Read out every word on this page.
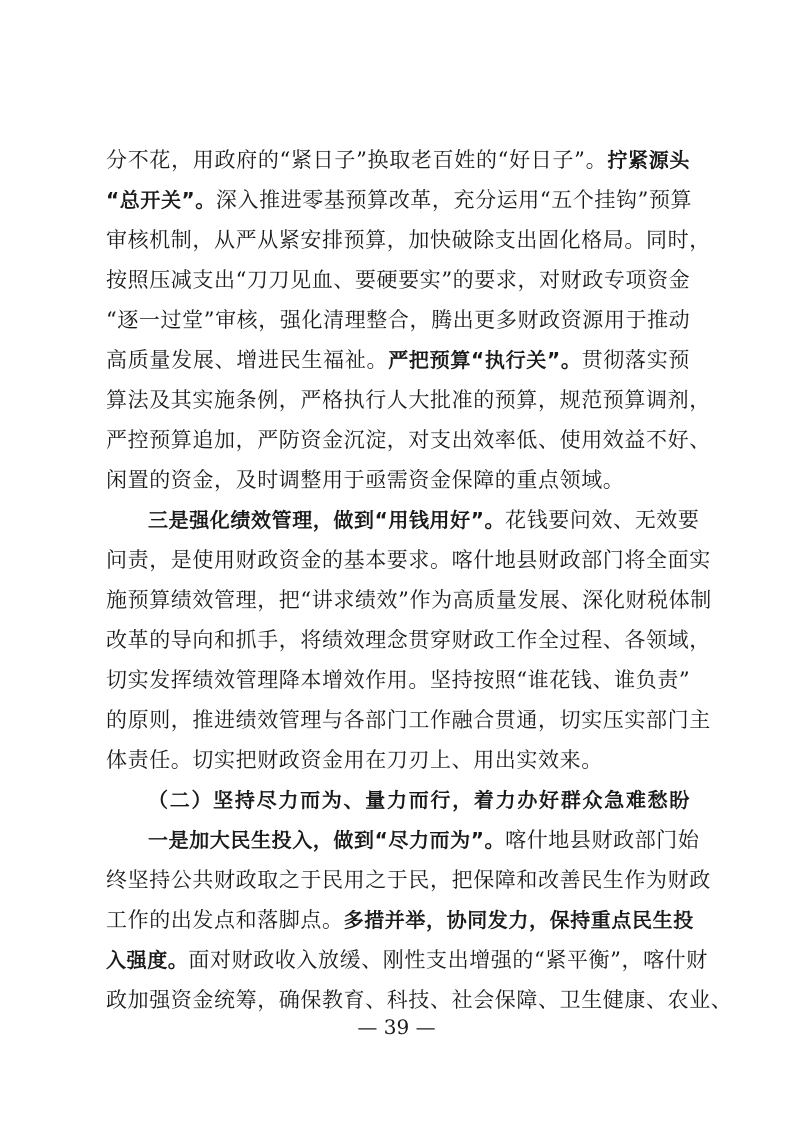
分不花，用政府的“紧日子”换取老百姓的“好日子”。拧紧源头
“总开关”。深入推进零基预算改革，充分运用“五个挂钩”预算
审核机制，从严从紧安排预算，加快破除支出固化格局。同时，
按照压减支出“刀刀见血、要硬要实”的要求，对财政专项资金
“逐一过堂”审核，强化清理整合，腾出更多财政资源用于推动
高质量发展、增进民生福祉。严把预算“执行关”。贯彻落实预
算法及其实施条例，严格执行人大批准的预算，规范预算调剂，
严控预算追加，严防资金沉淀，对支出效率低、使用效益不好、
闲置的资金，及时调整用于亟需资金保障的重点领域。
三是强化绩效管理，做到“用钱用好”。花钱要问效、无效要
问责，是使用财政资金的基本要求。喀什地县财政部门将全面实
施预算绩效管理，把“讲求绩效”作为高质量发展、深化财税体制
改革的导向和抓手，将绩效理念贯穿财政工作全过程、各领域，
切实发挥绩效管理降本增效作用。坚持按照“谁花钱、谁负责”
的原则，推进绩效管理与各部门工作融合贯通，切实压实部门主
体责任。切实把财政资金用在刀刃上、用出实效来。
（二）坚持尽力而为、量力而行，着力办好群众急难愁盼
一是加大民生投入，做到“尽力而为”。喀什地县财政部门始
终坚持公共财政取之于民用之于民，把保障和改善民生作为财政
工作的出发点和落脚点。多措并举，协同发力，保持重点民生投
入强度。面对财政收入放缓、刚性支出增强的“紧平衡”，喀什财
政加强资金统筹，确保教育、科技、社会保障、卫生健康、农业、
— 39 —
